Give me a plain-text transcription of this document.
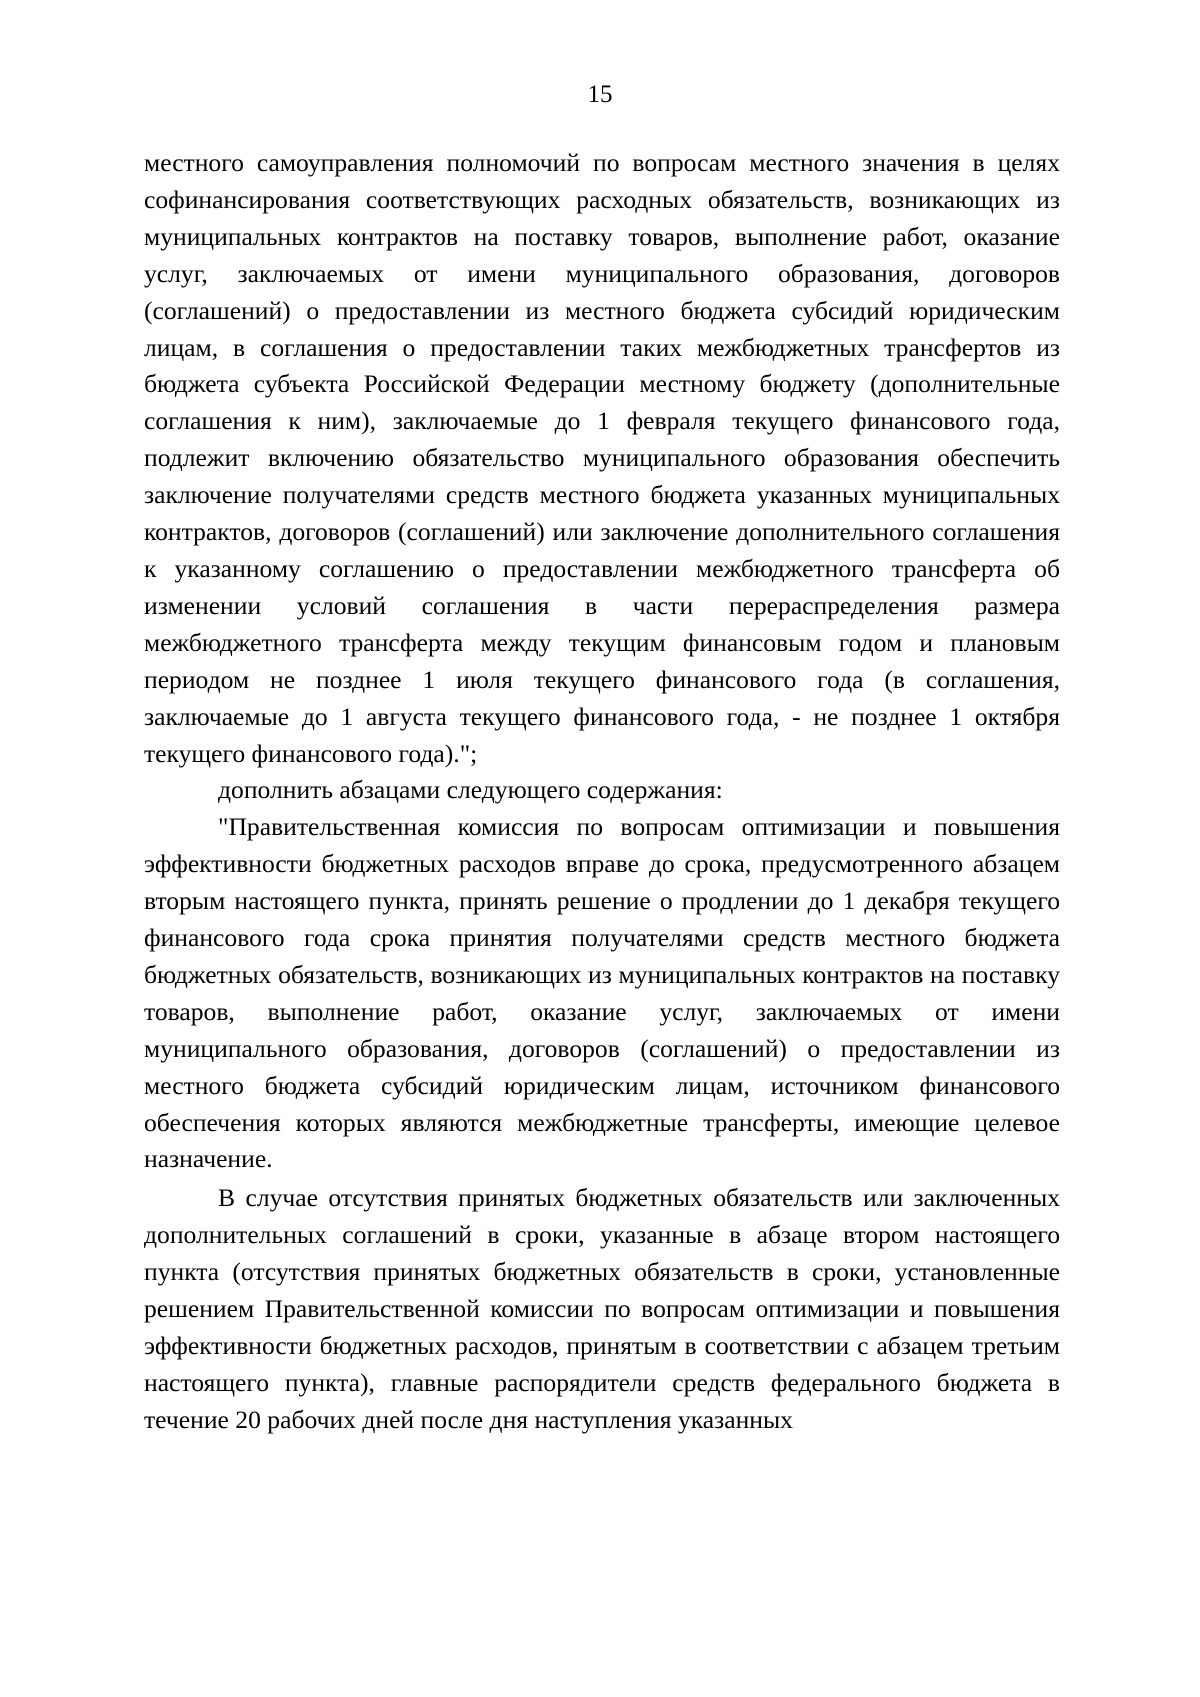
15

местного самоуправления полномочий по вопросам местного значения в целях софинансирования соответствующих расходных обязательств, возникающих из муниципальных контрактов на поставку товаров, выполнение работ, оказание услуг, заключаемых от имени муниципального образования, договоров (соглашений) о предоставлении из местного бюджета субсидий юридическим лицам, в соглашения о предоставлении таких межбюджетных трансфертов из бюджета субъекта Российской Федерации местному бюджету (дополнительные соглашения к ним), заключаемые до 1 февраля текущего финансового года, подлежит включению обязательство муниципального образования обеспечить заключение получателями средств местного бюджета указанных муниципальных контрактов, договоров (соглашений) или заключение дополнительного соглашения к указанному соглашению о предоставлении межбюджетного трансферта об изменении условий соглашения в части перераспределения размера межбюджетного трансферта между текущим финансовым годом и плановым периодом не позднее 1 июля текущего финансового года (в соглашения, заключаемые до 1 августа текущего финансового года, - не позднее 1 октября текущего финансового года).";

дополнить абзацами следующего содержания:

"Правительственная комиссия по вопросам оптимизации и повышения эффективности бюджетных расходов вправе до срока, предусмотренного абзацем вторым настоящего пункта, принять решение о продлении до 1 декабря текущего финансового года срока принятия получателями средств местного бюджета бюджетных обязательств, возникающих из муниципальных контрактов на поставку товаров, выполнение работ, оказание услуг, заключаемых от имени муниципального образования, договоров (соглашений) о предоставлении из местного бюджета субсидий юридическим лицам, источником финансового обеспечения которых являются межбюджетные трансферты, имеющие целевое назначение.

В случае отсутствия принятых бюджетных обязательств или заключенных дополнительных соглашений в сроки, указанные в абзаце втором настоящего пункта (отсутствия принятых бюджетных обязательств в сроки, установленные решением Правительственной комиссии по вопросам оптимизации и повышения эффективности бюджетных расходов, принятым в соответствии с абзацем третьим настоящего пункта), главные распорядители средств федерального бюджета в течение 20 рабочих дней после дня наступления указанных
